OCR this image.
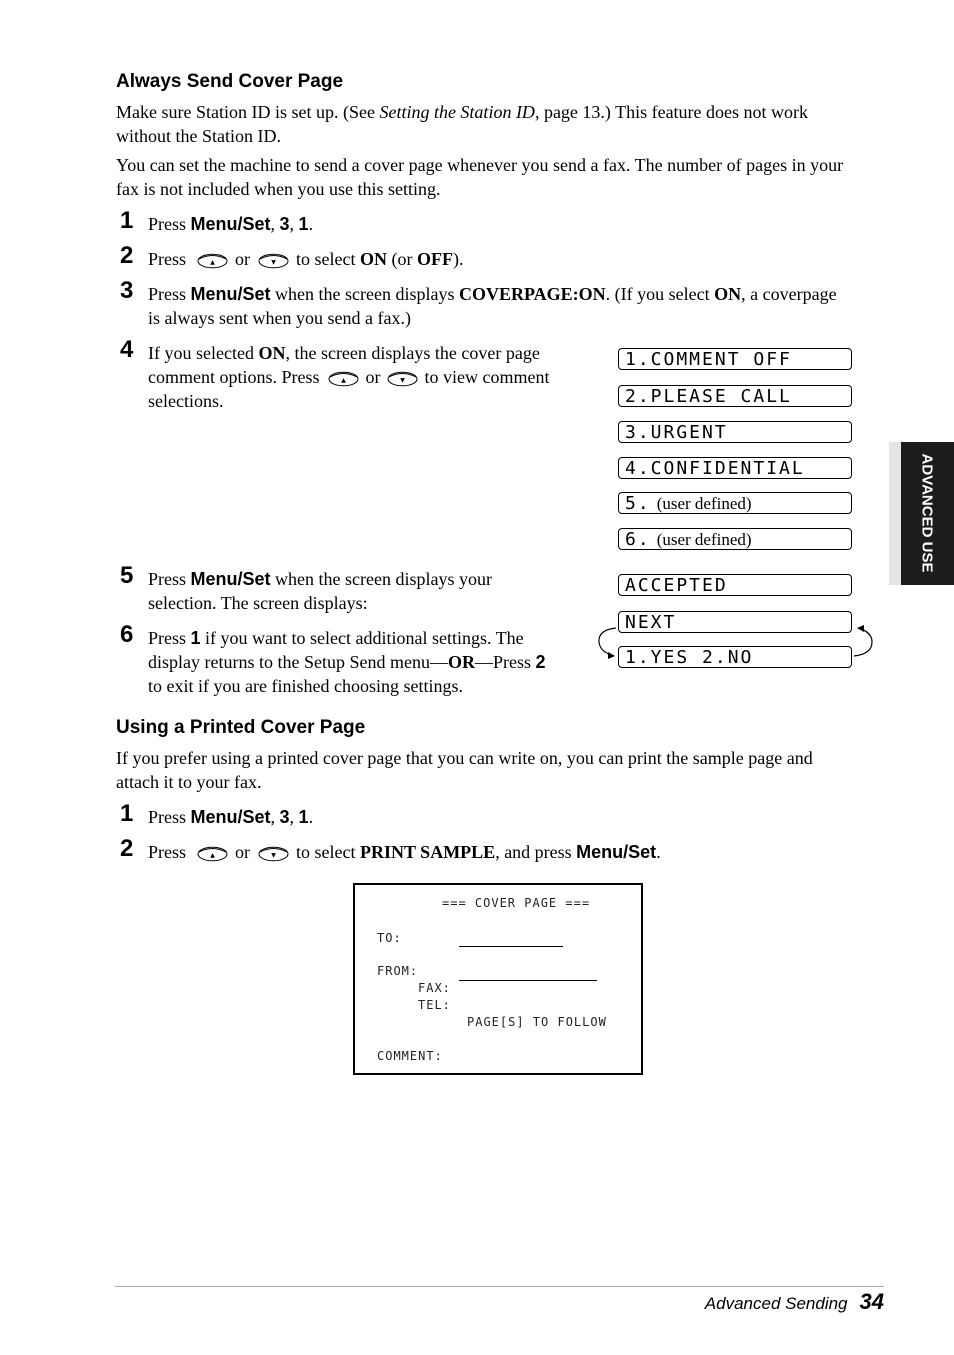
Always Send Cover Page
Make sure Station ID is set up. (See Setting the Station ID, page 13.) This feature does not work
without the Station ID.
You can set the machine to send a cover page whenever you send a fax. The number of pages in your
fax is not included when you use this setting.
1 Press Menu/Set, 3, 1.
2 Press	or	to select ON (or OFF).
3 Press Menu/Set when the screen displays COVERPAGE:ON. (If you select ON, a coverpage
is always sent when you send a fax.)
4 If you selected ON, the screen displays the cover page
comment options. Press	or to view comment
selections.
1.COMMENT OFF
2.PLEASE CALL
3.URGENT
4.CONFIDENTIAL
5. (user defined)
6. (user defined)
5 Press Menu/Set when the screen displays your
selection. The screen displays:
6 Press 1 if you want to select additional settings. The
display returns to the Setup Send menu—OR—Press 2
to exit if you are finished choosing settings.
ACCEPTED
NEXT
1.YES 2.NO
Using a Printed Cover Page
If you prefer using a printed cover page that you can write on, you can print the sample page and
attach it to your fax.
1 Press Menu/Set, 3, 1.
2 Press	or	to select PRINT SAMPLE, and press Menu/Set.
=== COVER PAGE ===
TO:
FROM:
FAX:
TEL:
PAGE[S] TO FOLLOW
COMMENT:
ADVANCED USE
Advanced Sending 34
